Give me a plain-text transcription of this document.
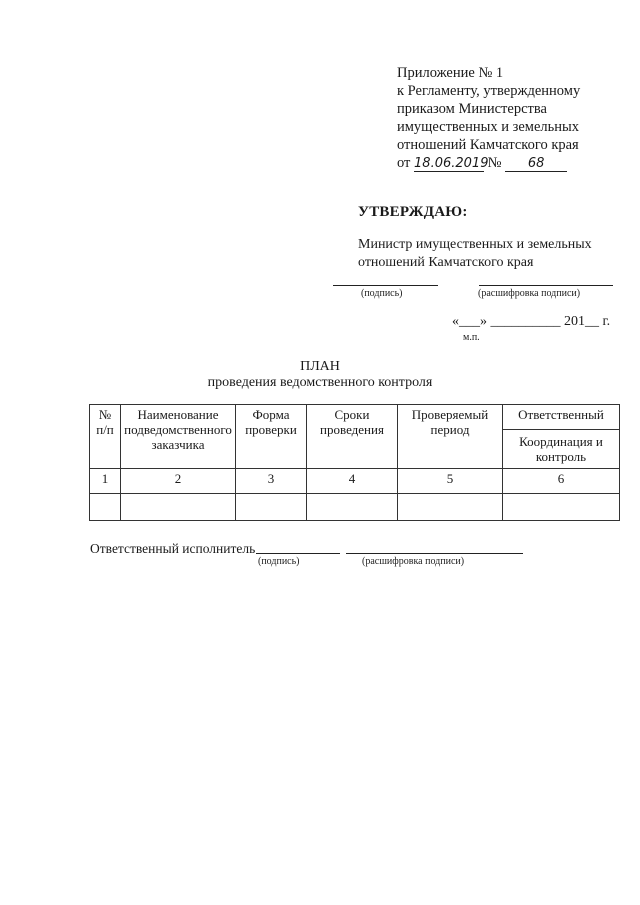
Приложение № 1
к Регламенту, утвержденному
приказом Министерства
имущественных и земельных
отношений Камчатского края
от 18.06.2019 № 68
УТВЕРЖДАЮ:
Министр имущественных и земельных
отношений Камчатского края
(подпись)	(расшифровка подписи)
«___» __________ 201__ г.
м.п.
ПЛАН
проведения ведомственного контроля
№ п/п	Наименование подведомственного заказчика	Форма проверки	Сроки проведения	Проверяемый период	Ответственный
					Координация и контроль
1	2	3	4	5	6

Ответственный исполнитель
(подпись)	(расшифровка подписи)
